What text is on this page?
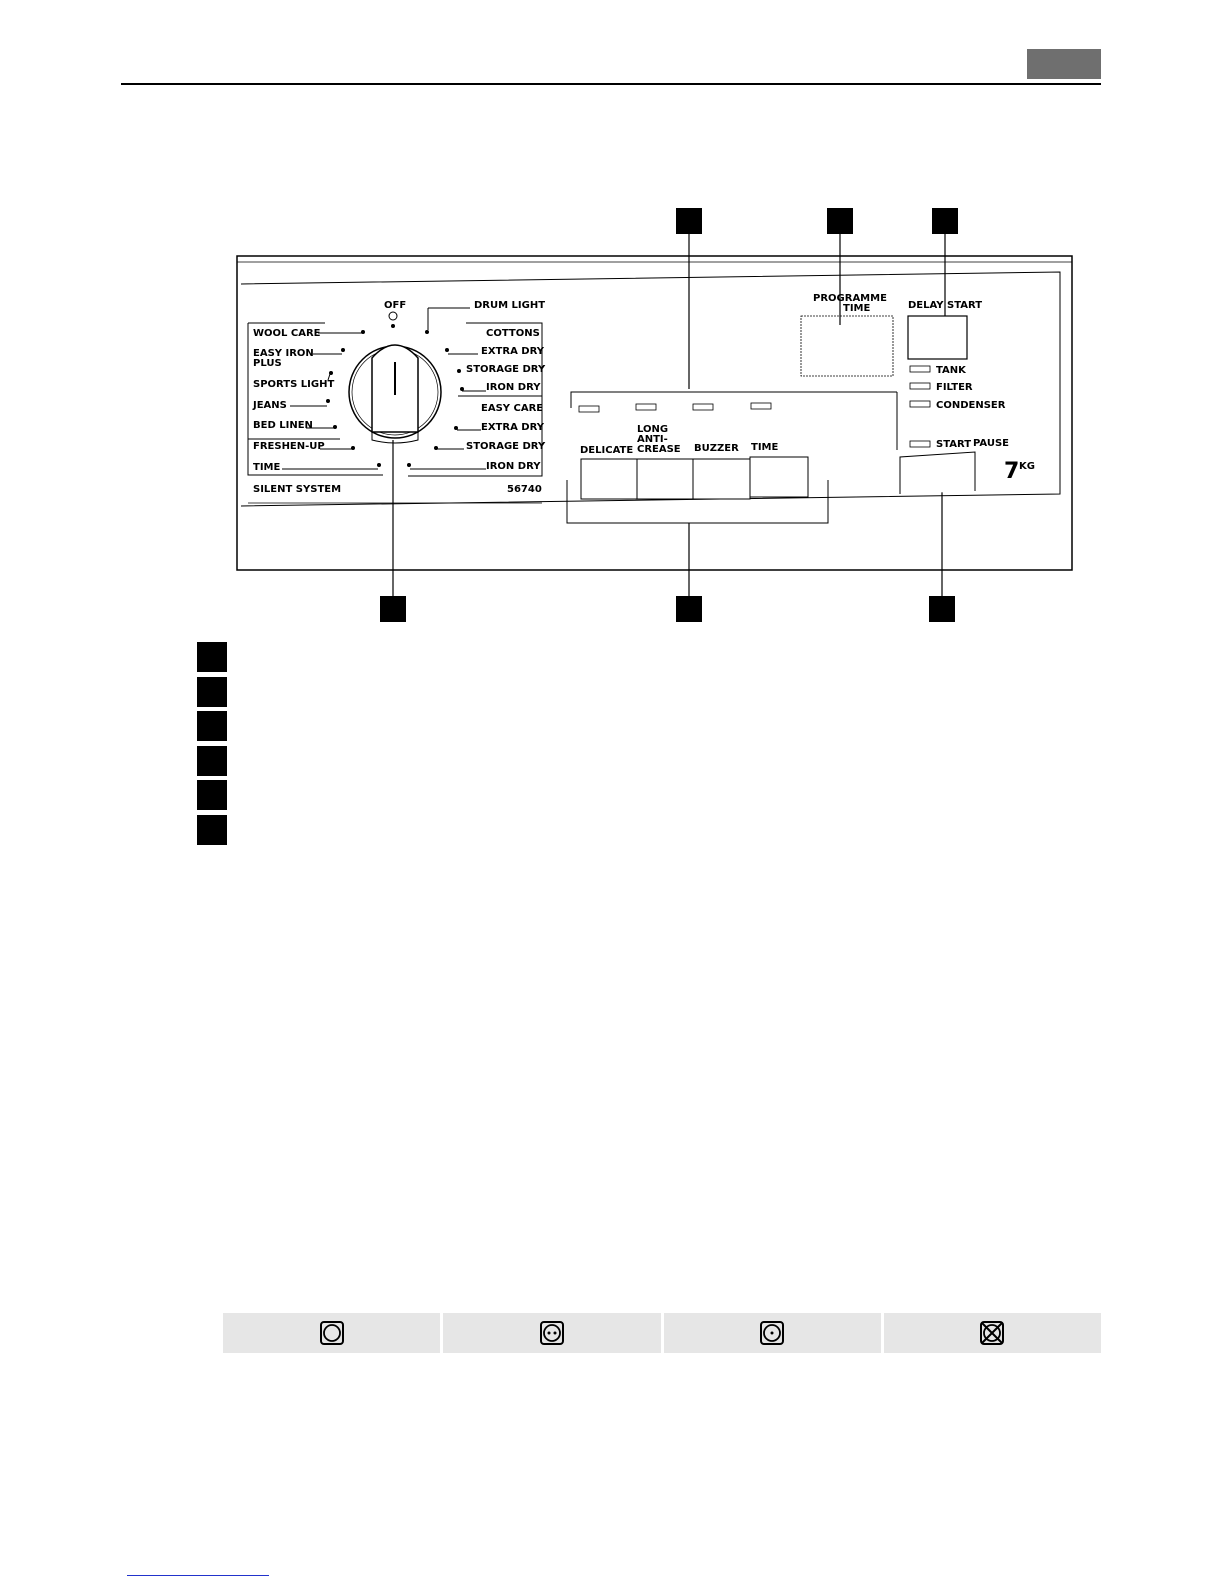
OFF
WOOL CARE
EASY IRON
PLUS
SPORTS LIGHT
JEANS
BED LINEN
FRESHEN-UP
TIME
DRUM LIGHT
COTTONS
EXTRA DRY
STORAGE DRY
IRON DRY
EASY CARE
EXTRA DRY
STORAGE DRY
IRON DRY
SILENT SYSTEM	56740
DELICATE
LONG
ANTI-
CREASE BUZZER TIME
PROGRAMME
TIME	DELAY START
TANK
FILTER
CONDENSER
START PAUSE
7 KG
